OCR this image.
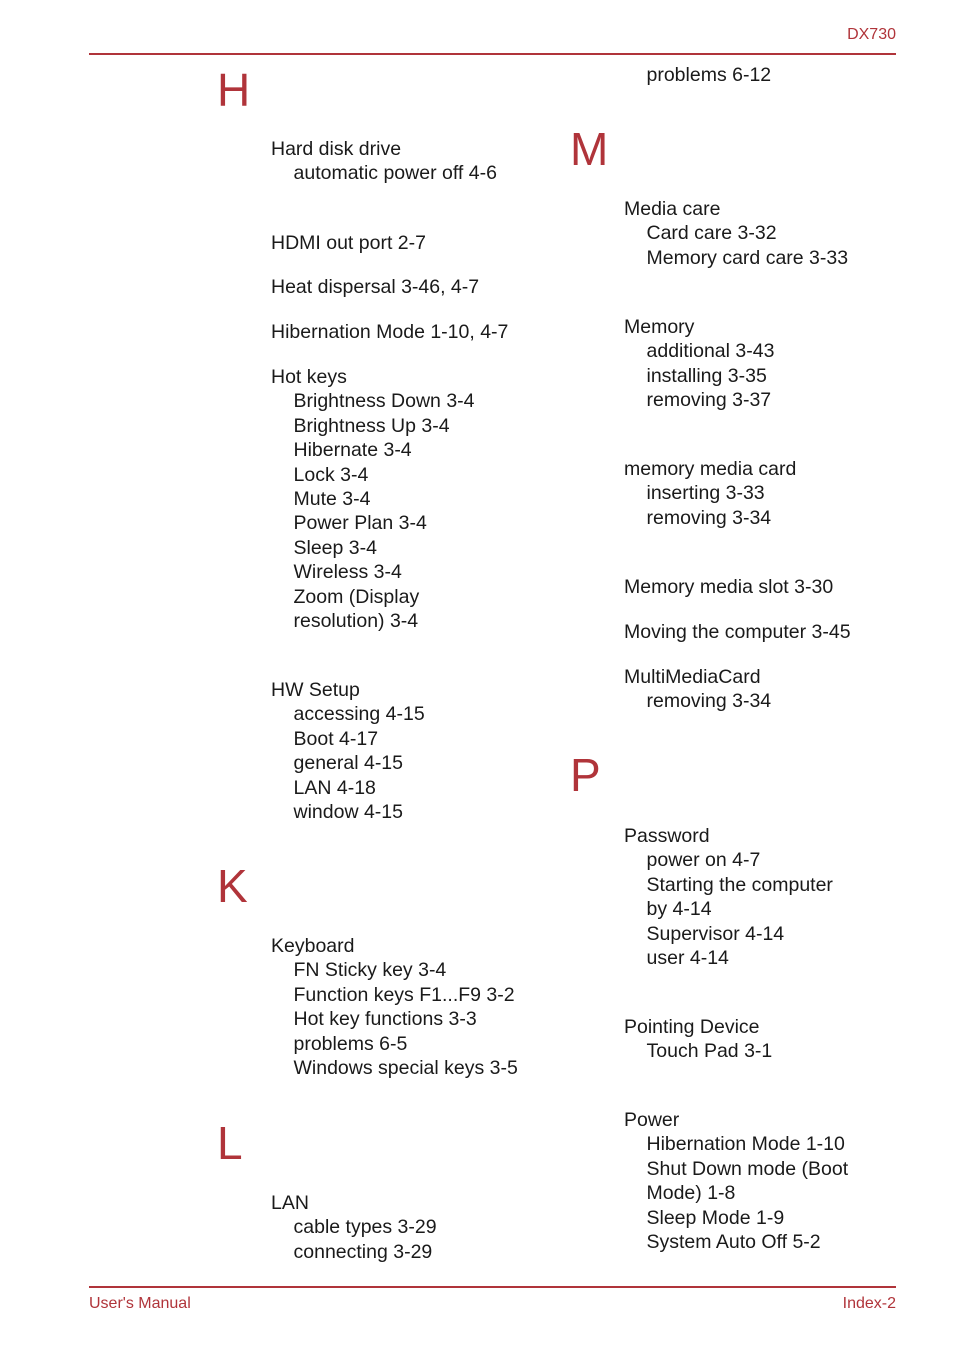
DX730
H
Hard disk drive
automatic power off 4-6
HDMI out port 2-7
Heat dispersal 3-46, 4-7
Hibernation Mode 1-10, 4-7
Hot keys
Brightness Down 3-4
Brightness Up 3-4
Hibernate 3-4
Lock 3-4
Mute 3-4
Power Plan 3-4
Sleep 3-4
Wireless 3-4
Zoom (Display
resolution) 3-4
HW Setup
accessing 4-15
Boot 4-17
general 4-15
LAN 4-18
window 4-15
K
Keyboard
FN Sticky key 3-4
Function keys F1...F9 3-2
Hot key functions 3-3
problems 6-5
Windows special keys 3-5
L
LAN
cable types 3-29
connecting 3-29
problems 6-12
M
Media care
Card care 3-32
Memory card care 3-33
Memory
additional 3-43
installing 3-35
removing 3-37
memory media card
inserting 3-33
removing 3-34
Memory media slot 3-30
Moving the computer 3-45
MultiMediaCard
removing 3-34
P
Password
power on 4-7
Starting the computer
by 4-14
Supervisor 4-14
user 4-14
Pointing Device
Touch Pad 3-1
Power
Hibernation Mode 1-10
Shut Down mode (Boot
Mode) 1-8
Sleep Mode 1-9
System Auto Off 5-2
User's Manual	Index-2
